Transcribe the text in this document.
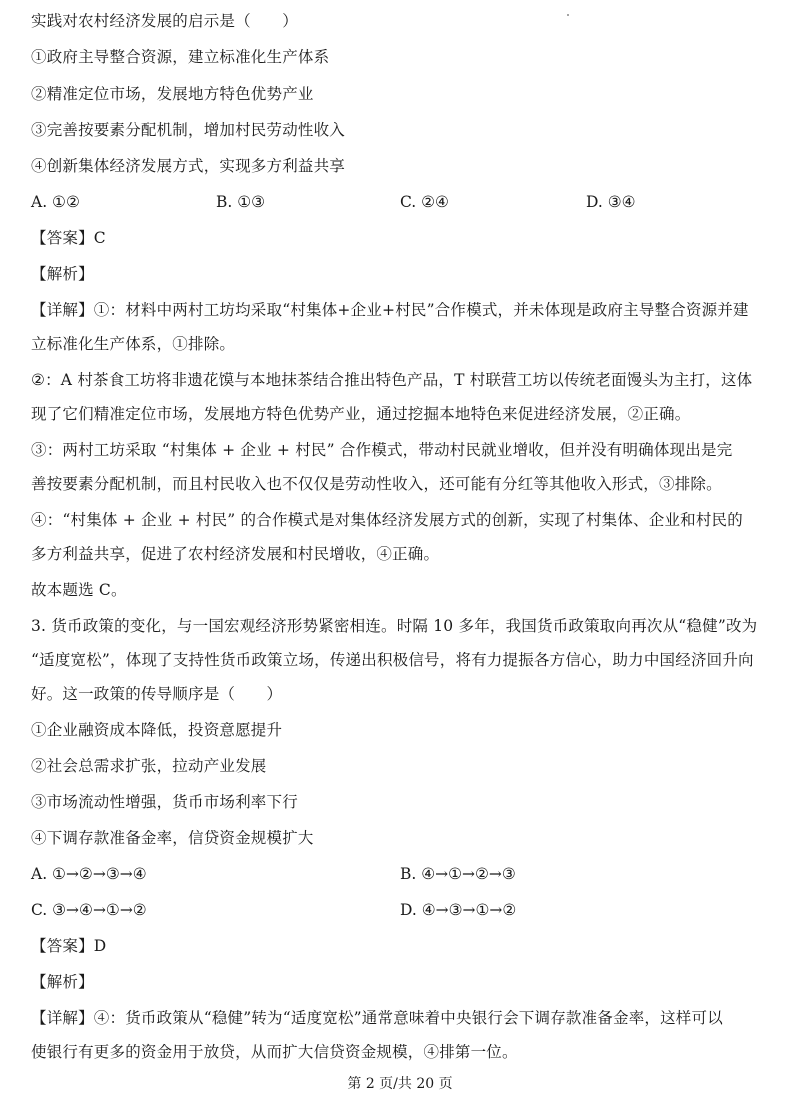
实践对农村经济发展的启示是（　　）
①政府主导整合资源，建立标准化生产体系
②精准定位市场，发展地方特色优势产业
③完善按要素分配机制，增加村民劳动性收入
④创新集体经济发展方式，实现多方利益共享
A. ①②	B. ①③	C. ②④	D. ③④
【答案】C
【解析】
【详解】①：材料中两村工坊均采取“村集体+企业+村民”合作模式，并未体现是政府主导整合资源并建
立标准化生产体系，①排除。
②：A 村茶食工坊将非遗花馍与本地抹茶结合推出特色产品，T 村联营工坊以传统老面馒头为主打，这体
现了它们精准定位市场，发展地方特色优势产业，通过挖掘本地特色来促进经济发展，②正确。
③：两村工坊采取 “村集体 + 企业 + 村民” 合作模式，带动村民就业增收，但并没有明确体现出是完
善按要素分配机制，而且村民收入也不仅仅是劳动性收入，还可能有分红等其他收入形式，③排除。
④：“村集体 + 企业 + 村民” 的合作模式是对集体经济发展方式的创新，实现了村集体、企业和村民的
多方利益共享，促进了农村经济发展和村民增收，④正确。
故本题选 C。
3. 货币政策的变化，与一国宏观经济形势紧密相连。时隔 10 多年，我国货币政策取向再次从“稳健”改为
“适度宽松”，体现了支持性货币政策立场，传递出积极信号，将有力提振各方信心，助力中国经济回升向
好。这一政策的传导顺序是（　　）
①企业融资成本降低，投资意愿提升
②社会总需求扩张，拉动产业发展
③市场流动性增强，货币市场利率下行
④下调存款准备金率，信贷资金规模扩大
A. ①→②→③→④	B. ④→①→②→③
C. ③→④→①→②	D. ④→③→①→②
【答案】D
【解析】
【详解】④：货币政策从“稳健”转为“适度宽松”通常意味着中央银行会下调存款准备金率，这样可以
使银行有更多的资金用于放贷，从而扩大信贷资金规模，④排第一位。
第 2 页/共 20 页
